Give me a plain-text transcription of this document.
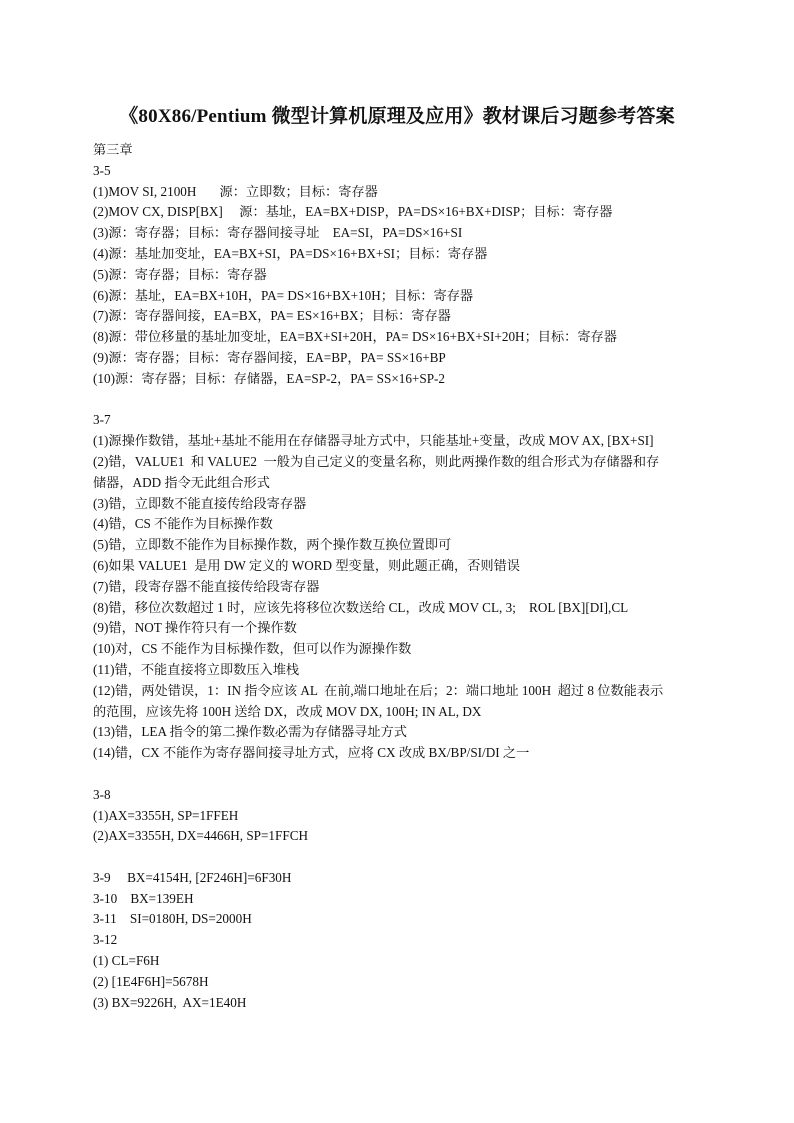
《80X86/Pentium 微型计算机原理及应用》教材课后习题参考答案
第三章
3-5
(1)MOV SI, 2100H       源：立即数；目标：寄存器
(2)MOV CX, DISP[BX]     源：基址，EA=BX+DISP，PA=DS×16+BX+DISP；目标：寄存器
(3)源：寄存器；目标：寄存器间接寻址    EA=SI，PA=DS×16+SI
(4)源：基址加变址，EA=BX+SI，PA=DS×16+BX+SI；目标：寄存器
(5)源：寄存器；目标：寄存器
(6)源：基址，EA=BX+10H，PA= DS×16+BX+10H；目标：寄存器
(7)源：寄存器间接，EA=BX，PA= ES×16+BX；目标：寄存器
(8)源：带位移量的基址加变址，EA=BX+SI+20H，PA= DS×16+BX+SI+20H；目标：寄存器
(9)源：寄存器；目标：寄存器间接，EA=BP，PA= SS×16+BP
(10)源：寄存器；目标：存储器，EA=SP-2，PA= SS×16+SP-2
3-7
(1)源操作数错，基址+基址不能用在存储器寻址方式中，只能基址+变量，改成 MOV AX, [BX+SI]
(2)错，VALUE1  和 VALUE2  一般为自己定义的变量名称，则此两操作数的组合形式为存储器和存
储器，ADD 指令无此组合形式
(3)错，立即数不能直接传给段寄存器
(4)错，CS 不能作为目标操作数
(5)错，立即数不能作为目标操作数，两个操作数互换位置即可
(6)如果 VALUE1  是用 DW 定义的 WORD 型变量，则此题正确，否则错误
(7)错，段寄存器不能直接传给段寄存器
(8)错，移位次数超过 1 时，应该先将移位次数送给 CL，改成 MOV CL, 3;    ROL [BX][DI],CL
(9)错，NOT 操作符只有一个操作数
(10)对，CS 不能作为目标操作数，但可以作为源操作数
(11)错，不能直接将立即数压入堆栈
(12)错，两处错误，1：IN 指令应该 AL  在前,端口地址在后；2：端口地址 100H  超过 8 位数能表示
的范围，应该先将 100H 送给 DX，改成 MOV DX, 100H; IN AL, DX
(13)错，LEA 指令的第二操作数必需为存储器寻址方式
(14)错，CX 不能作为寄存器间接寻址方式，应将 CX 改成 BX/BP/SI/DI 之一
3-8
(1)AX=3355H, SP=1FFEH
(2)AX=3355H, DX=4466H, SP=1FFCH
3-9     BX=4154H, [2F246H]=6F30H
3-10    BX=139EH
3-11    SI=0180H, DS=2000H
3-12
(1) CL=F6H
(2) [1E4F6H]=5678H
(3) BX=9226H,  AX=1E40H
